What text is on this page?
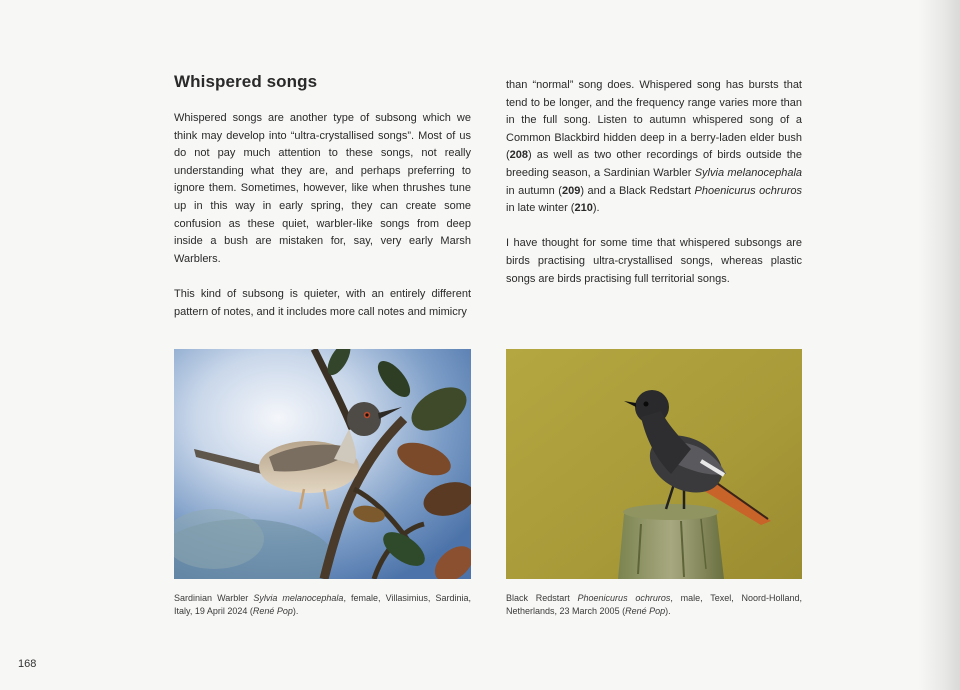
Whispered songs

Whispered songs are another type of subsong which we think may develop into “ultra-crystallised songs”. Most of us do not pay much attention to these songs, not really understanding what they are, and perhaps preferring to ignore them. Sometimes, however, like when thrushes tune up in this way in early spring, they can create some confusion as these quiet, warbler-like songs from deep inside a bush are mistaken for, say, very early Marsh Warblers.

This kind of subsong is quieter, with an entirely different pattern of notes, and it includes more call notes and mimicry

than “normal” song does. Whispered song has bursts that tend to be longer, and the frequency range varies more than in the full song. Listen to autumn whispered song of a Common Blackbird hidden deep in a berry-laden elder bush (208) as well as two other recordings of birds outside the breeding season, a Sardinian Warbler Sylvia melanocephala in autumn (209) and a Black Redstart Phoenicurus ochruros in late winter (210).

I have thought for some time that whispered subsongs are birds practising ultra-crystallised songs, whereas plastic songs are birds practising full territorial songs.

Sardinian Warbler Sylvia melanocephala, female, Villasimius, Sardinia, Italy, 19 April 2024 (René Pop).
Black Redstart Phoenicurus ochruros, male, Texel, Noord-Holland, Netherlands, 23 March 2005 (René Pop).
168
